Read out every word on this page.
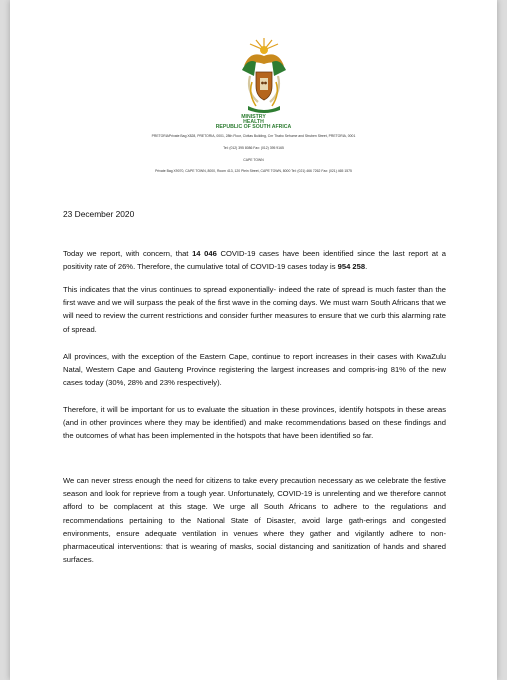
MINISTRY
HEALTH
REPUBLIC OF SOUTH AFRICA
PRETORIAPrivate Bag X828, PRETORIA, 0001, 28th Floor, Civitas Building, Cnr Thabo Sehume and Struben Street, PRETORIA, 0001
Tel: (012) 395 8086 Fax: (012) 395 9165
CAPE TOWN
Private Bag X9070, CAPE TOWN, 8000, Room 413, 120 Plein Street, CAPE TOWN, 8000 Tel: (021) 466 7262 Fax: (021) 465 1575
23 December 2020

Today we report, with concern, that 14 046 COVID-19 cases have been identified since the last report at a positivity rate of 26%. Therefore, the cumulative total of COVID-19 cases today is 954 258.

This indicates that the virus continues to spread exponentially- indeed the rate of spread is much faster than the first wave and we will surpass the peak of the first wave in the coming days. We must warn South Africans that we will need to review the current restrictions and consider further measures to ensure that we curb this alarming rate of spread.

All provinces, with the exception of the Eastern Cape, continue to report increases in their cases with KwaZulu Natal, Western Cape and Gauteng Province registering the largest increases and compris-ing 81% of the new cases today (30%, 28% and 23% respectively).

Therefore, it will be important for us to evaluate the situation in these provinces, identify hotspots in these areas (and in other provinces where they may be identified) and make recommendations based on these findings and the outcomes of what has been implemented in the hotspots that have been identified so far.

We can never stress enough the need for citizens to take every precaution necessary as we celebrate the festive season and look for reprieve from a tough year. Unfortunately, COVID-19 is unrelenting and we therefore cannot afford to be complacent at this stage. We urge all South Africans to adhere to the regulations and recommendations pertaining to the National State of Disaster, avoid large gath-erings and congested environments, ensure adequate ventilation in venues where they gather and vigilantly adhere to non-pharmaceutical interventions: that is wearing of masks, social distancing and sanitization of hands and shared surfaces.
